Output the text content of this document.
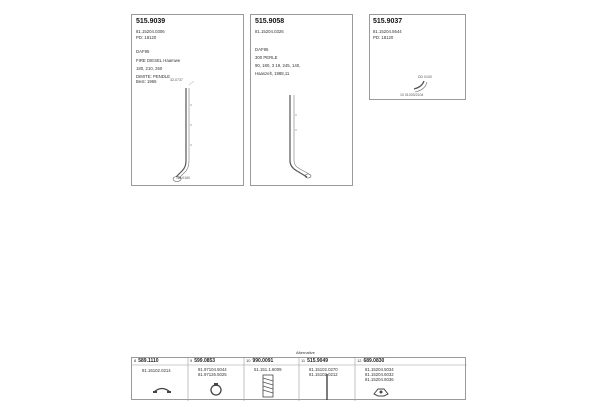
515.9039
81.15204.0306
PD: 18120
DAF95
FIRE DIESEL Haamwe
180, 210, 260
DIMITE: PENDLE
Best: 1965	32-0737
-90-0160
515.9058
81.15204.0326
DAF95
300 PERLE
90, 180, 3 19, 245, 140,
Haaszelt, 1988,11
515.9037
81.15204.5644
PD: 18120
DD 0100
10 01003/2104
Alternative
8 589.1110
81.15102.0214
9 599.0853
81.97104.5044
81.97126.5025
10 990.0091
51.151.1.6009
11 515.9049
81.15102.0270
81.15102.0212
12 689.0830
81.15204.5034
81.15204.6032
81.15204.6036
